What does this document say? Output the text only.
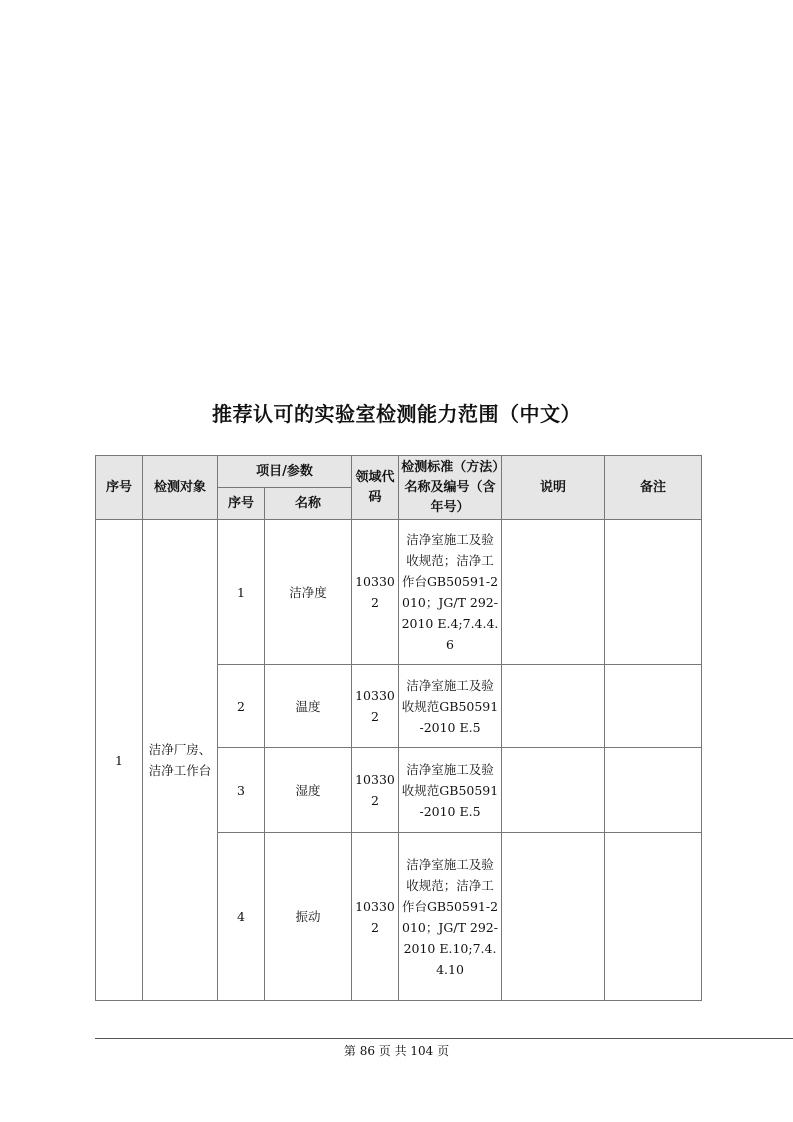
推荐认可的实验室检测能力范围（中文）
序号	检测对象	项目/参数		领域代码	检测标准（方法）名称及编号（含年号）	说明	备注
		序号	名称				
1	洁净厂房、洁净工作台	1	洁净度	103302	洁净室施工及验收规范；洁净工作台GB50591-2010；JG/T 292-2010 E.4;7.4.4.6		
		2	温度	103302	洁净室施工及验收规范GB50591-2010 E.5		
		3	湿度	103302	洁净室施工及验收规范GB50591-2010 E.5		
		4	振动	103302	洁净室施工及验收规范；洁净工作台GB50591-2010；JG/T 292-2010 E.10;7.4.4.10		
第 86 页 共 104 页
